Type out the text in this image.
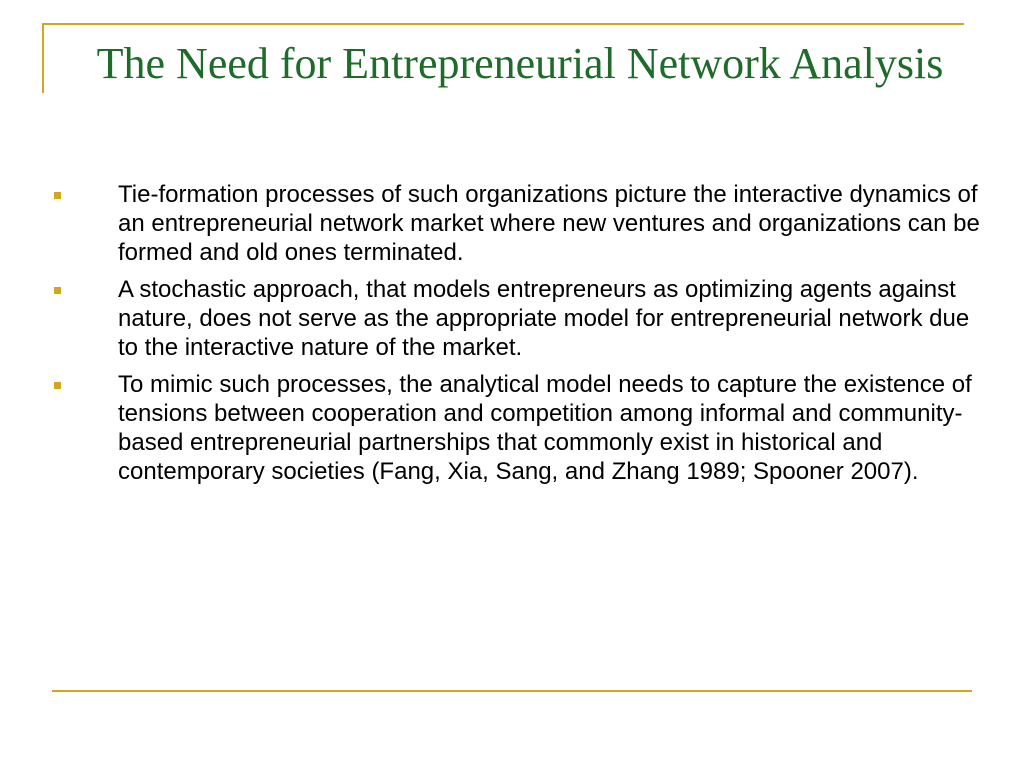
The Need for Entrepreneurial Network Analysis
Tie-formation processes of such organizations picture the interactive dynamics of an entrepreneurial network market where new ventures and organizations can be formed and old ones terminated.
A stochastic approach, that models entrepreneurs as optimizing agents against nature, does not serve as the appropriate model for entrepreneurial network due to the interactive nature of the market.
To mimic such processes, the analytical model needs to capture the existence of tensions between cooperation and competition among informal and community-based entrepreneurial partnerships that commonly exist in historical and contemporary societies (Fang, Xia, Sang, and Zhang 1989; Spooner 2007).
